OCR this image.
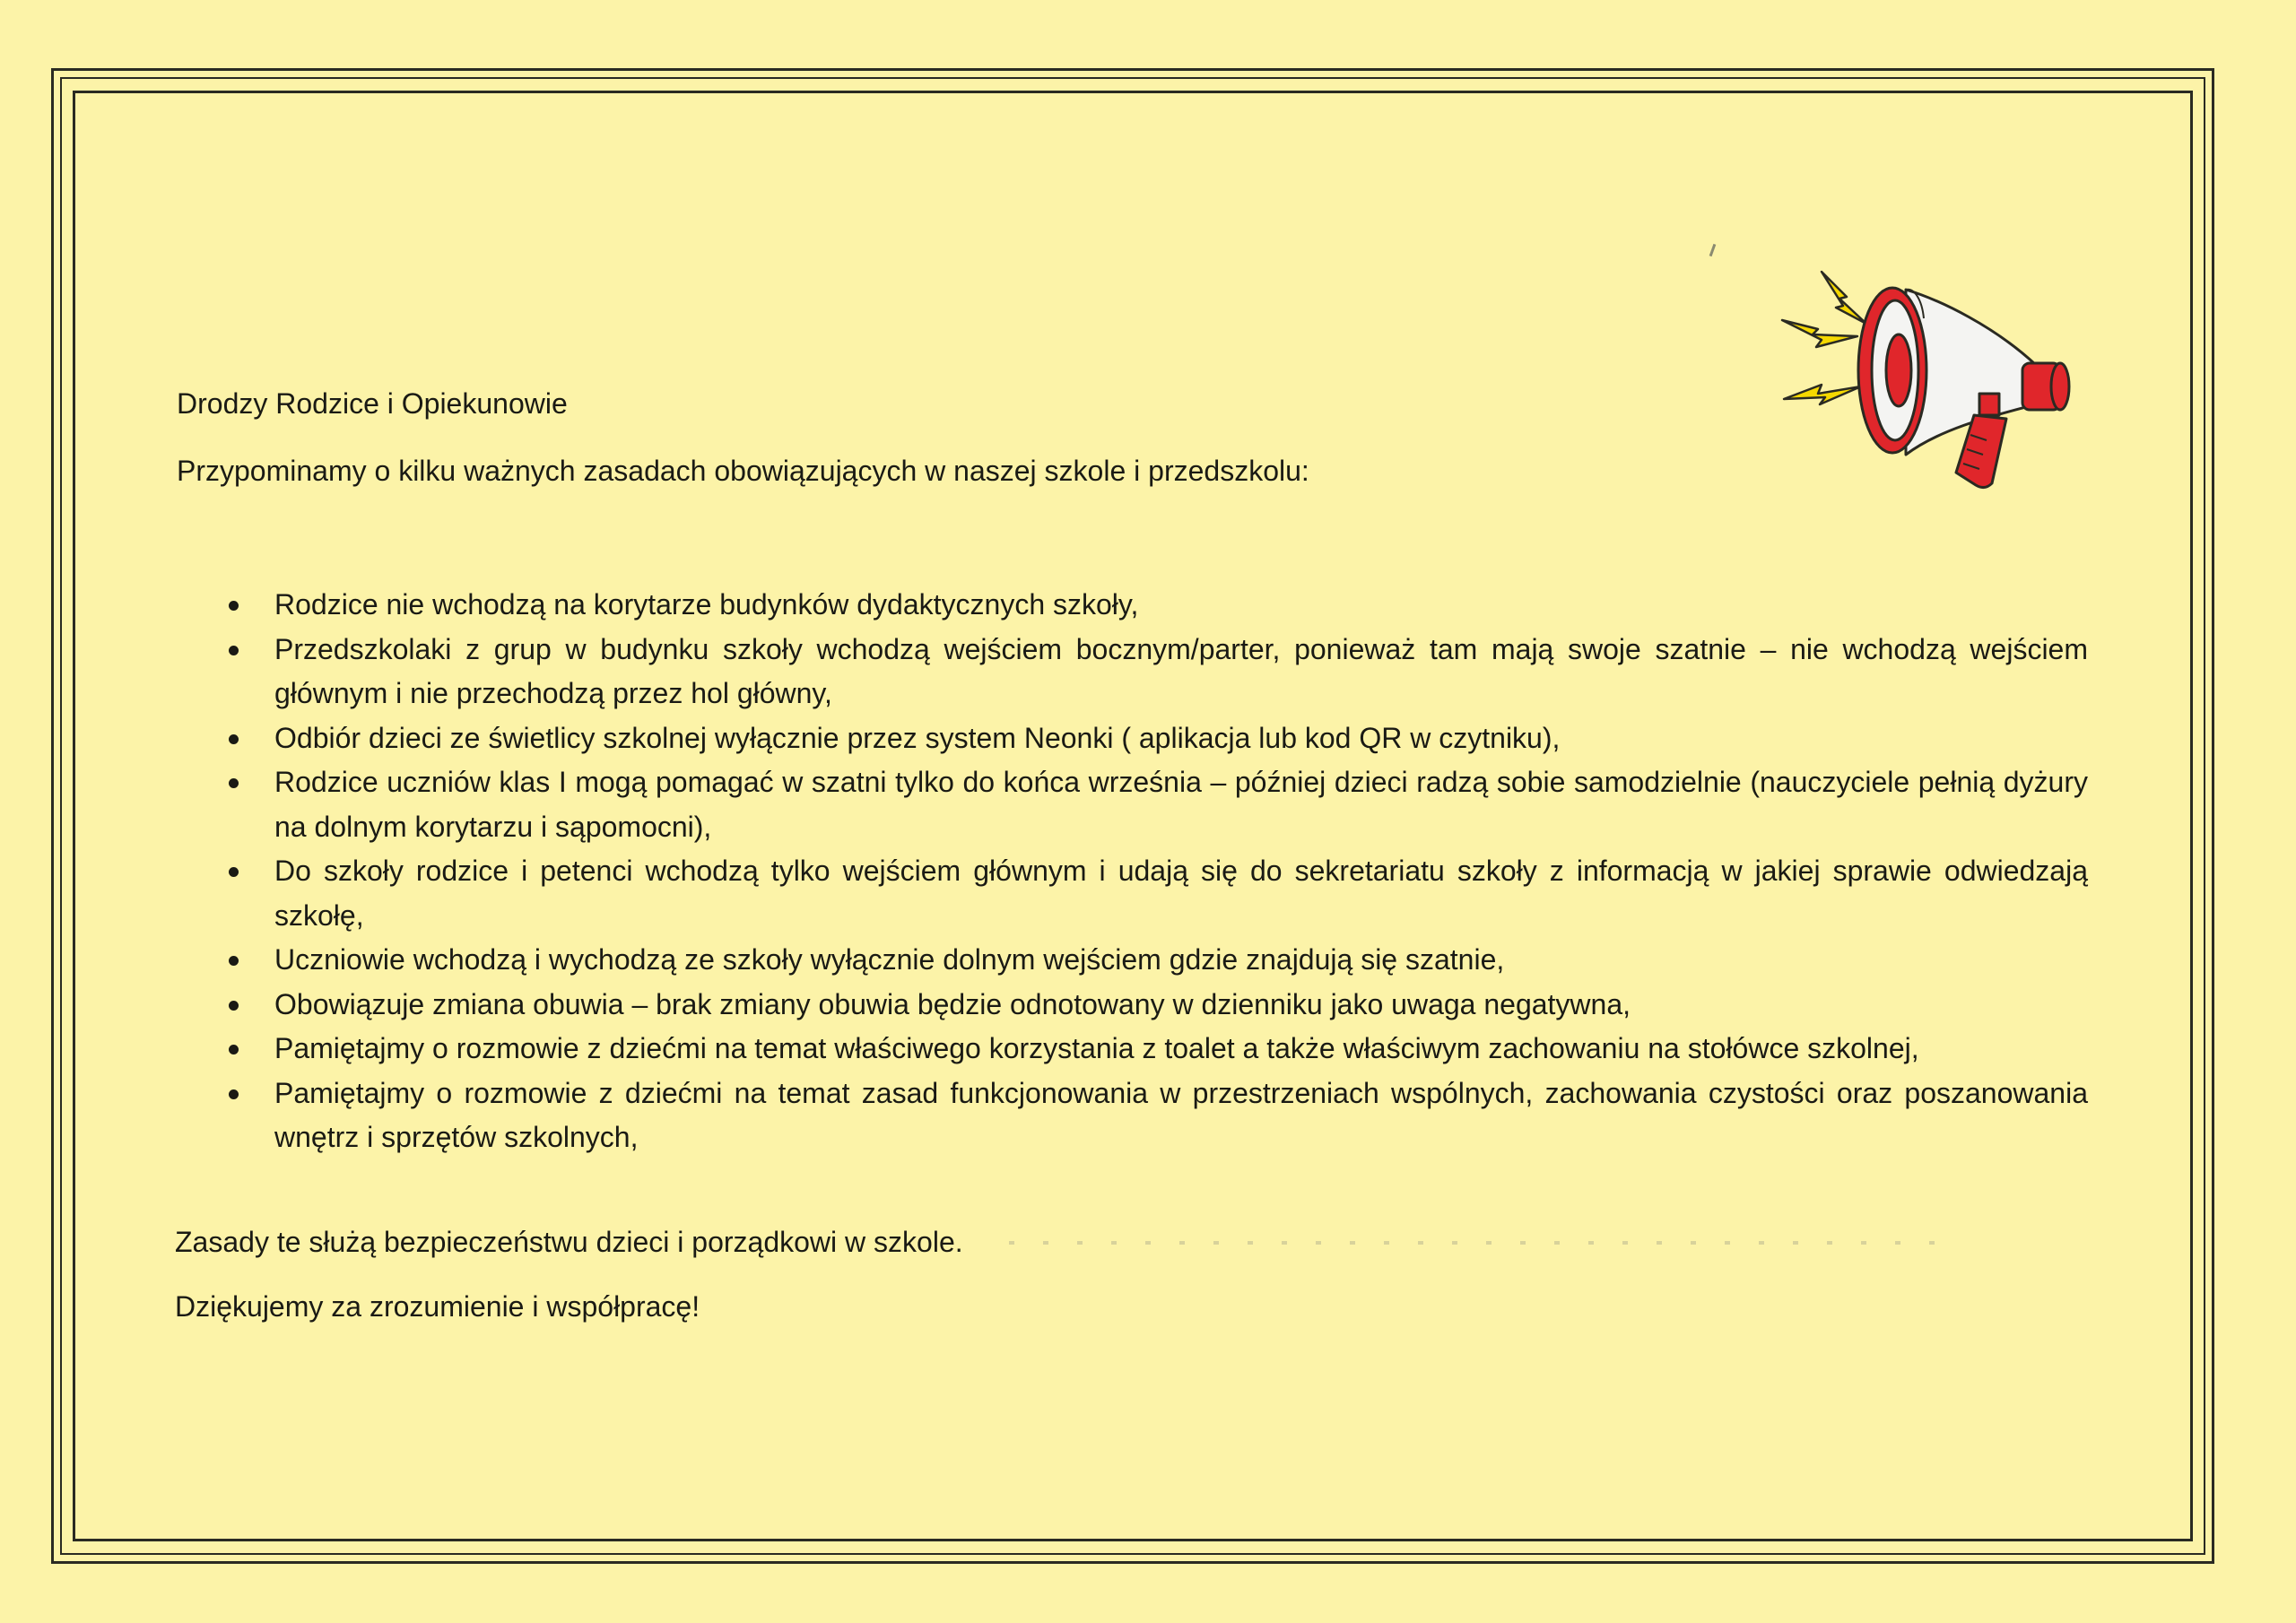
Drodzy Rodzice i Opiekunowie

Przypominamy o kilku ważnych zasadach obowiązujących w naszej szkole i przedszkolu:

Rodzice nie wchodzą na korytarze budynków dydaktycznych szkoły,
Przedszkolaki z grup w budynku szkoły wchodzą wejściem bocznym/parter, ponieważ tam mają swoje szatnie – nie wchodzą wejściem głównym i nie przechodzą przez hol główny,
Odbiór dzieci ze świetlicy szkolnej wyłącznie przez system Neonki ( aplikacja lub kod QR w czytniku),
Rodzice uczniów klas I mogą pomagać w szatni tylko do końca września – później dzieci radzą sobie samodzielnie (nauczyciele pełnią dyżury na dolnym korytarzu i sąpomocni),
Do szkoły rodzice i petenci wchodzą tylko wejściem głównym i udają się do sekretariatu szkoły z informacją w jakiej sprawie odwiedzają szkołę,
Uczniowie wchodzą i wychodzą ze szkoły wyłącznie dolnym wejściem gdzie znajdują się szatnie,
Obowiązuje zmiana obuwia – brak zmiany obuwia będzie odnotowany w dzienniku jako uwaga negatywna,
Pamiętajmy o rozmowie z dziećmi na temat właściwego korzystania z toalet a także właściwym zachowaniu na stołówce szkolnej,
Pamiętajmy o rozmowie z dziećmi na temat zasad funkcjonowania w przestrzeniach wspólnych, zachowania czystości oraz poszanowania wnętrz i sprzętów szkolnych,

Zasady te służą bezpieczeństwu dzieci i porządkowi w szkole.

Dziękujemy za zrozumienie i współpracę!
